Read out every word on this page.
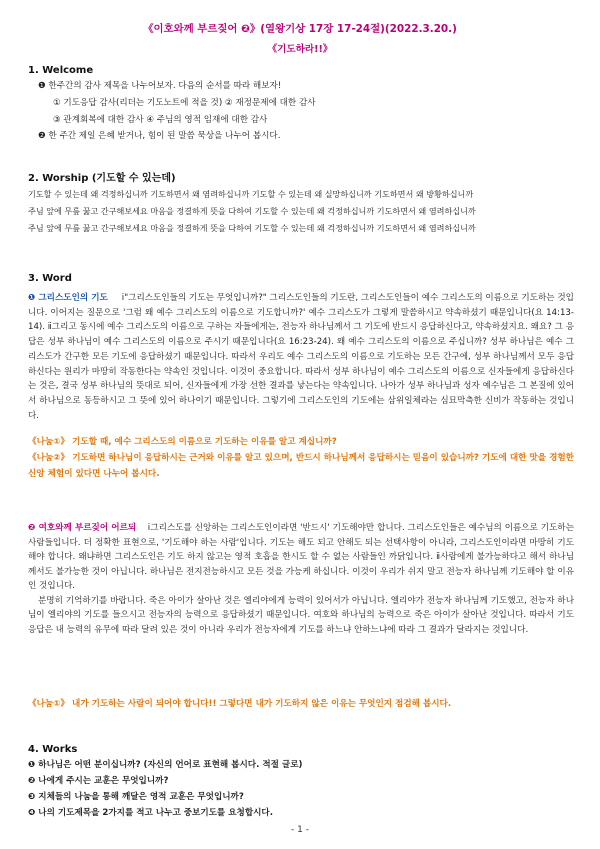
《이호와께 부르짖어 ❷》(열왕기상 17장 17-24절)(2022.3.20.)
《기도하라!!》
1. Welcome
❶ 한주간의 감사 제목을 나누어보자. 다음의 순서를 따라 해보자!
① 기도응답 감사(리더는 기도노트에 적을 것) ② 재정문제에 대한 감사
③ 관계회복에 대한 감사 ④ 주님의 영적 임재에 대한 감사
❷ 한 주간 제일 은혜 받거나, 힘이 된 말씀 묵상을 나누어 봅시다.
2. Worship (기도할 수 있는데)
기도할 수 있는데 왜 걱정하십니까 기도하면서 왜 염려하십니까 기도할 수 있는데 왜 실망하십니까 기도하면서 왜 방황하십니까
주님 앞에 무릎 꿇고 간구해보세요 마음을 정결하게 뜻을 다하여 기도할 수 있는데 왜 걱정하십니까 기도하면서 왜 염려하십니까
주님 앞에 무릎 꿇고 간구해보세요 마음을 정결하게 뜻을 다하여 기도할 수 있는데 왜 걱정하십니까 기도하면서 왜 염려하십니까
3. Word

❶ 그리스도인의 기도 ⅰ"그리스도인들의 기도는 무엇입니까?" 그리스도인들의 기도란, 그리스도인들이 예수 그리스도의 이름으로 기도하는 것입니다. 이어지는 질문으로 '그럼 왜 예수 그리스도의 이름으로 기도합니까?' 예수 그리스도가 그렇게 말씀하시고 약속하셨기 때문입니다(요 14:13-14). ⅱ그리고 동시에 예수 그리스도의 이름으로 구하는 자들에게는, 전능자 하나님께서 그 기도에 반드시 응답하신다고, 약속하셨지요. 왜요? 그 응답은 성부 하나님이 예수 그리스도의 이름으로 주시기 때문입니다(요 16:23-24). 왜 예수 그리스도의 이름으로 주십니까? 성부 하나님은 예수 그리스도가 간구한 모든 기도에 응답하셨기 때문입니다. 따라서 우리도 예수 그리스도의 이름으로 기도하는 모든 간구에, 성부 하나님께서 모두 응답하신다는 원리가 마땅히 작동한다는 약속인 것입니다. 이것이 중요합니다. 따라서 성부 하나님이 예수 그리스도의 이름으로 신자들에게 응답하신다는 것은, 결국 성부 하나님의 뜻대로 되어, 신자들에게 가장 선한 결과를 낳는다는 약속입니다. 나아가 성부 하나님과 성자 예수님은 그 본질에 있어서 하나님으로 동등하시고 그 뜻에 있어 하나이기 때문입니다. 그렇기에 그리스도인의 기도에는 삼위일체라는 심묘막측한 신비가 작동하는 것입니다.

《나눔①》 기도할 때, 예수 그리스도의 이름으로 기도하는 이유를 알고 계십니까?

《나눔②》 기도하면 하나님이 응답하시는 근거와 이유를 알고 있으며, 반드시 하나님께서 응답하시는 믿음이 있습니까? 기도에 대한 맛을 경험한 신앙 체험이 있다면 나누어 봅시다.

❷ 여호와께 부르짖어 어르되 ⅰ그리스도를 신앙하는 그리스도인이라면 '반드시' 기도해야만 합니다. 그리스도인들은 예수님의 이름으로 기도하는 사람들입니다. 더 정확한 표현으로, '기도해야 하는 사람'입니다. 기도는 해도 되고 안해도 되는 선택사항이 아니라, 그리스도인이라면 마땅히 기도해야 합니다. 왜냐하면 그리스도인은 기도 하지 않고는 영적 호흡을 한시도 할 수 없는 사람들인 까닭입니다. ⅱ사람에게 불가능하다고 해서 하나님께서도 불가능한 것이 아닙니다. 하나님은 전지전능하시고 모든 것을 가능케 하십니다. 이것이 우리가 쉬지 말고 전능자 하나님께 기도해야 할 이유인 것입니다.

분명히 기억하기를 바랍니다. 죽은 아이가 살아난 것은 엘리야에게 능력이 있어서가 아닙니다. 엘리야가 전능자 하나님께 기도했고, 전능자 하나님이 엘리야의 기도를 들으시고 전능자의 능력으로 응답하셨기 때문입니다. 여호와 하나님의 능력으로 죽은 아이가 살아난 것입니다. 따라서 기도 응답은 내 능력의 유무에 따라 달려 있은 것이 아니라 우리가 전능자에게 기도를 하느냐 안하느냐에 따라 그 결과가 달라지는 것입니다.

《나눔①》 내가 기도하는 사람이 되어야 합니다!! 그렇다면 내가 기도하지 않은 이유는 무엇인지 점검해 봅시다.
4. Works
❶ 하나님은 어떤 분이십니까? (자신의 언어로 표현해 봅시다. 적절 글로)
❷ 나에게 주시는 교훈은 무엇입니까?
❸ 지체들의 나눔을 통해 깨달은 영적 교훈은 무엇입니까?
❹ 나의 기도제목을 2가지를 적고 나누고 중보기도를 요청합시다.
- 1 -
